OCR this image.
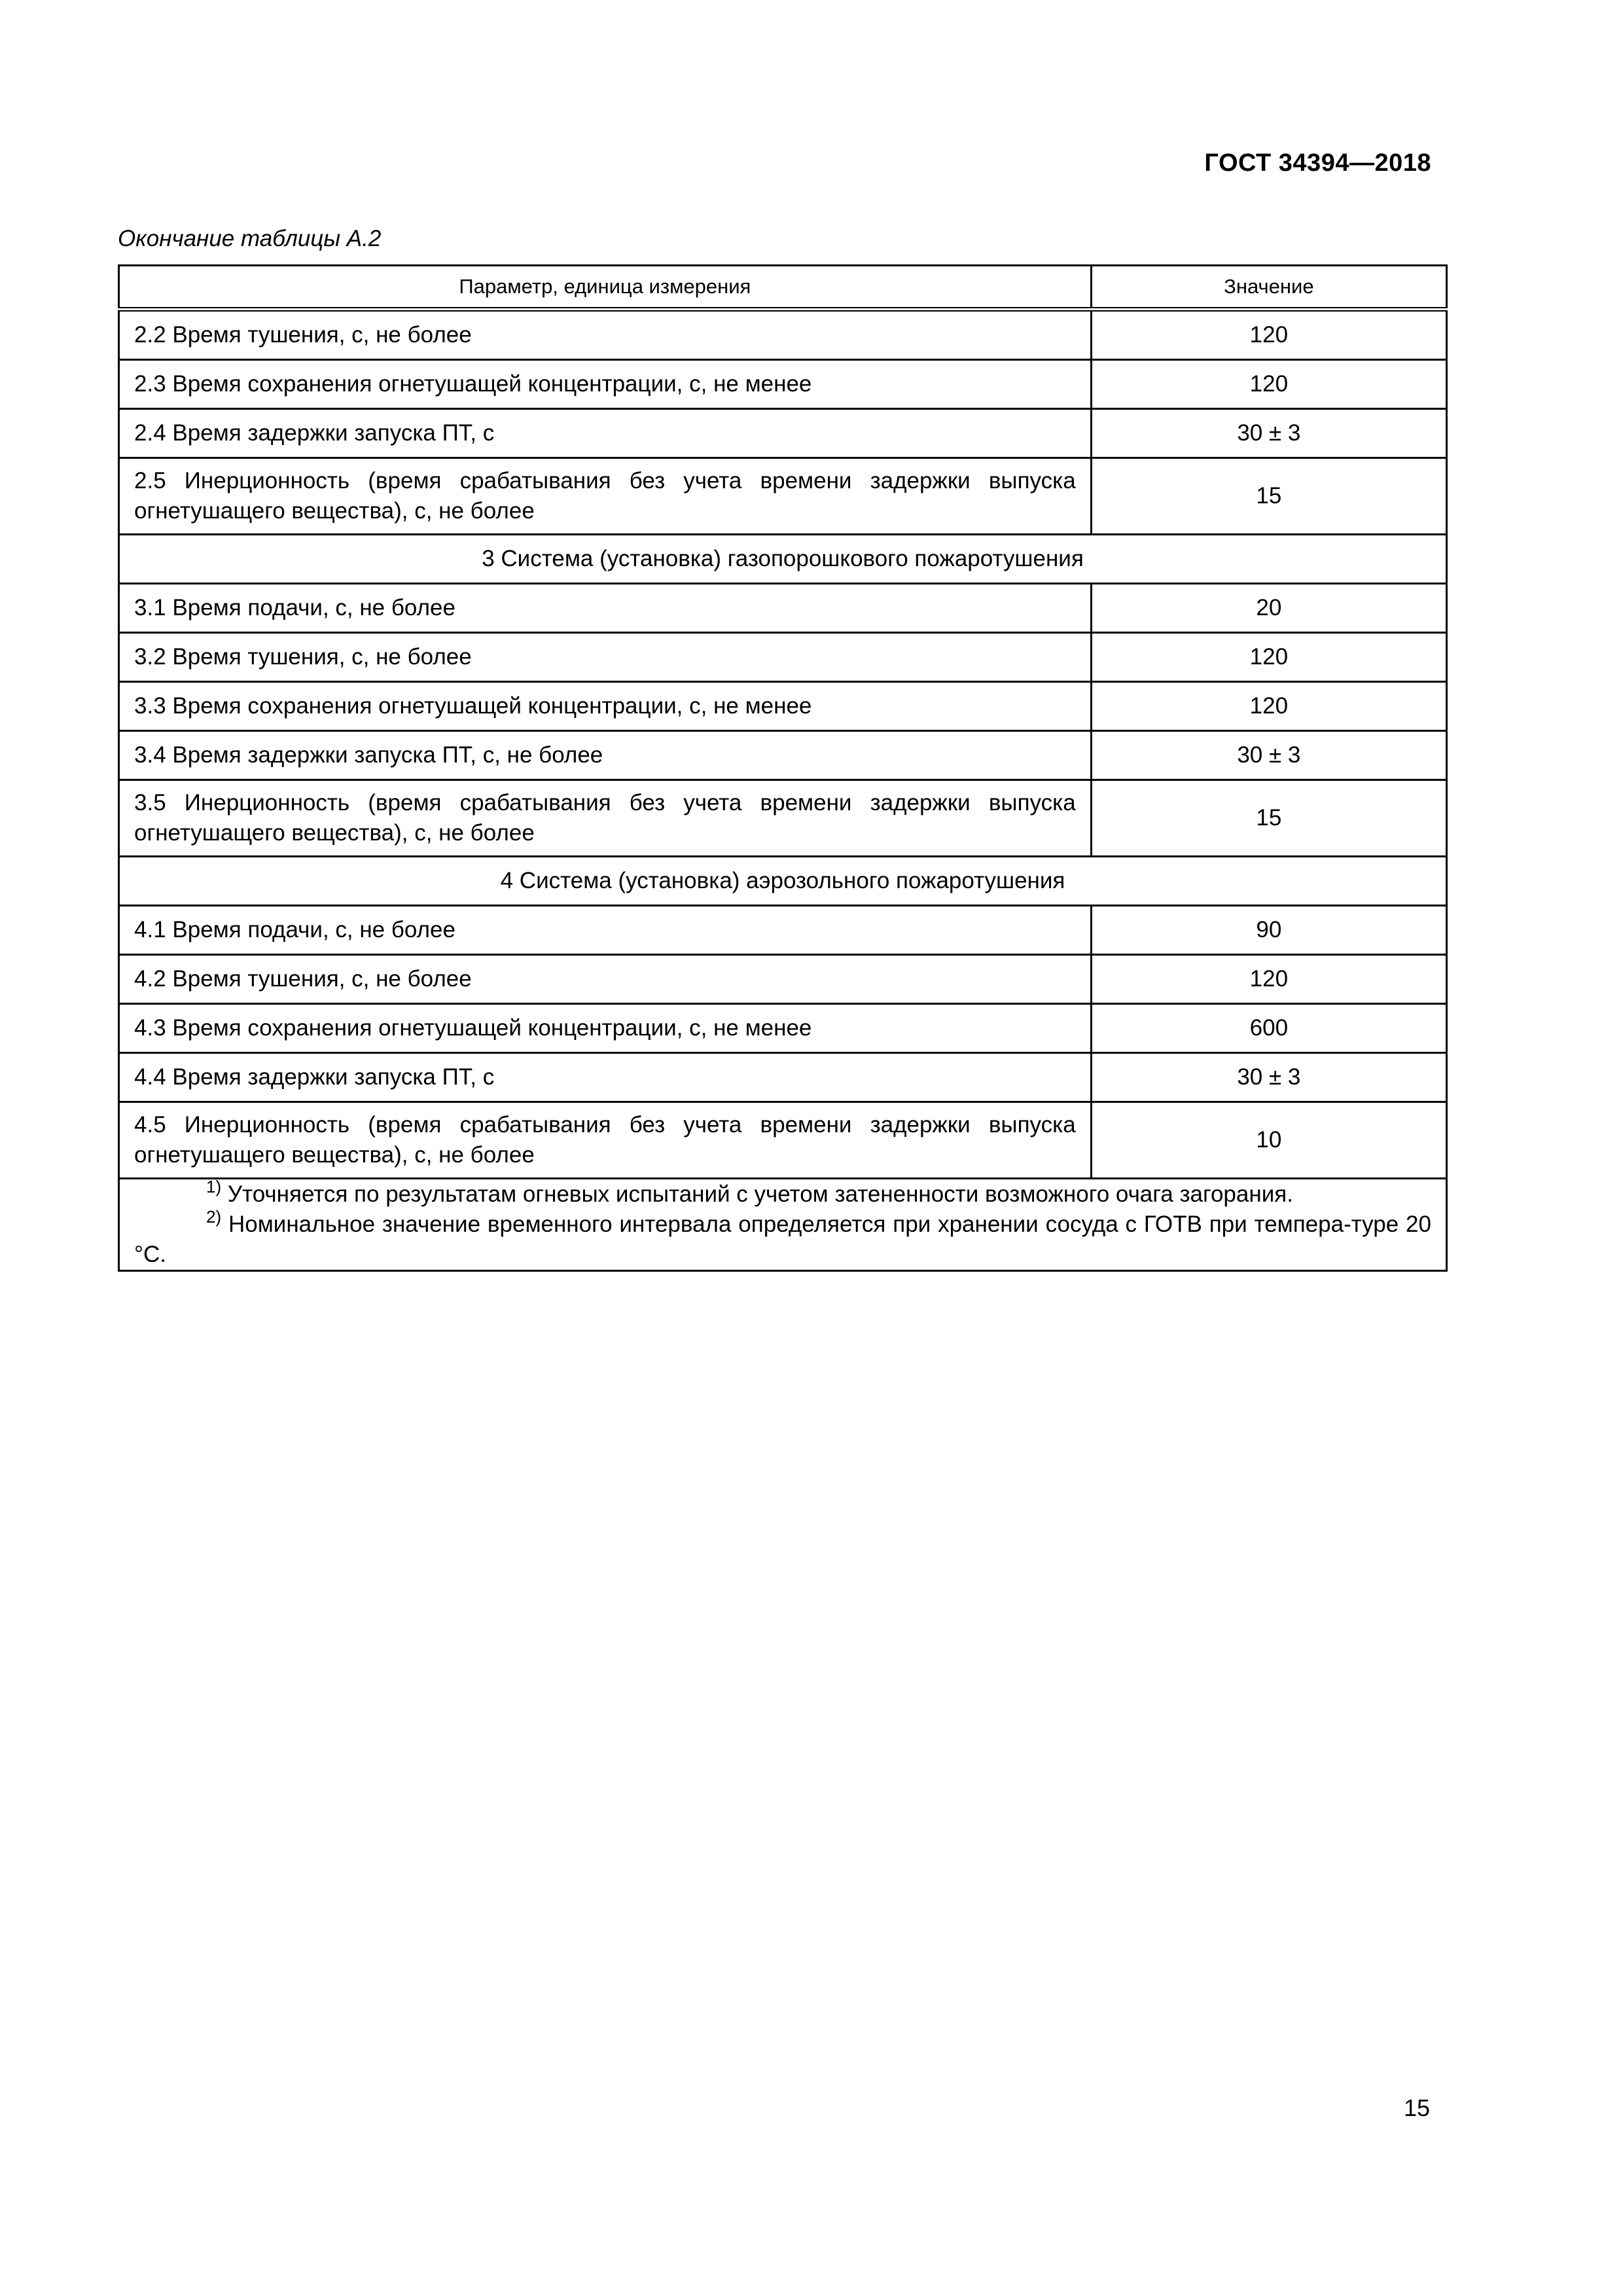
ГОСТ 34394—2018
Окончание таблицы А.2
Параметр, единица измерения	Значение
2.2 Время тушения, с, не более	120
2.3 Время сохранения огнетушащей концентрации, с, не менее	120
2.4 Время задержки запуска ПТ, с	30 ± 3
2.5 Инерционность (время срабатывания без учета времени задержки выпуска огнетушащего вещества), с, не более	15
3 Система (установка) газопорошкового пожаротушения	
3.1 Время подачи, с, не более	20
3.2 Время тушения, с, не более	120
3.3 Время сохранения огнетушащей концентрации, с, не менее	120
3.4 Время задержки запуска ПТ, с, не более	30 ± 3
3.5 Инерционность (время срабатывания без учета времени задержки выпуска огнетушащего вещества), с, не более	15
4 Система (установка) аэрозольного пожаротушения	
4.1 Время подачи, с, не более	90
4.2 Время тушения, с, не более	120
4.3 Время сохранения огнетушащей концентрации, с, не менее	600
4.4 Время задержки запуска ПТ, с	30 ± 3
4.5 Инерционность (время срабатывания без учета времени задержки выпуска огнетушащего вещества), с, не более	10

$^{1)}$ Уточняется по результатам огневых испытаний с учетом затененности возможного очага загорания.
$^{2)}$ Номинальное значение временного интервала определяется при хранении сосуда с ГОТВ при темпера-туре 20 °С.	
15
